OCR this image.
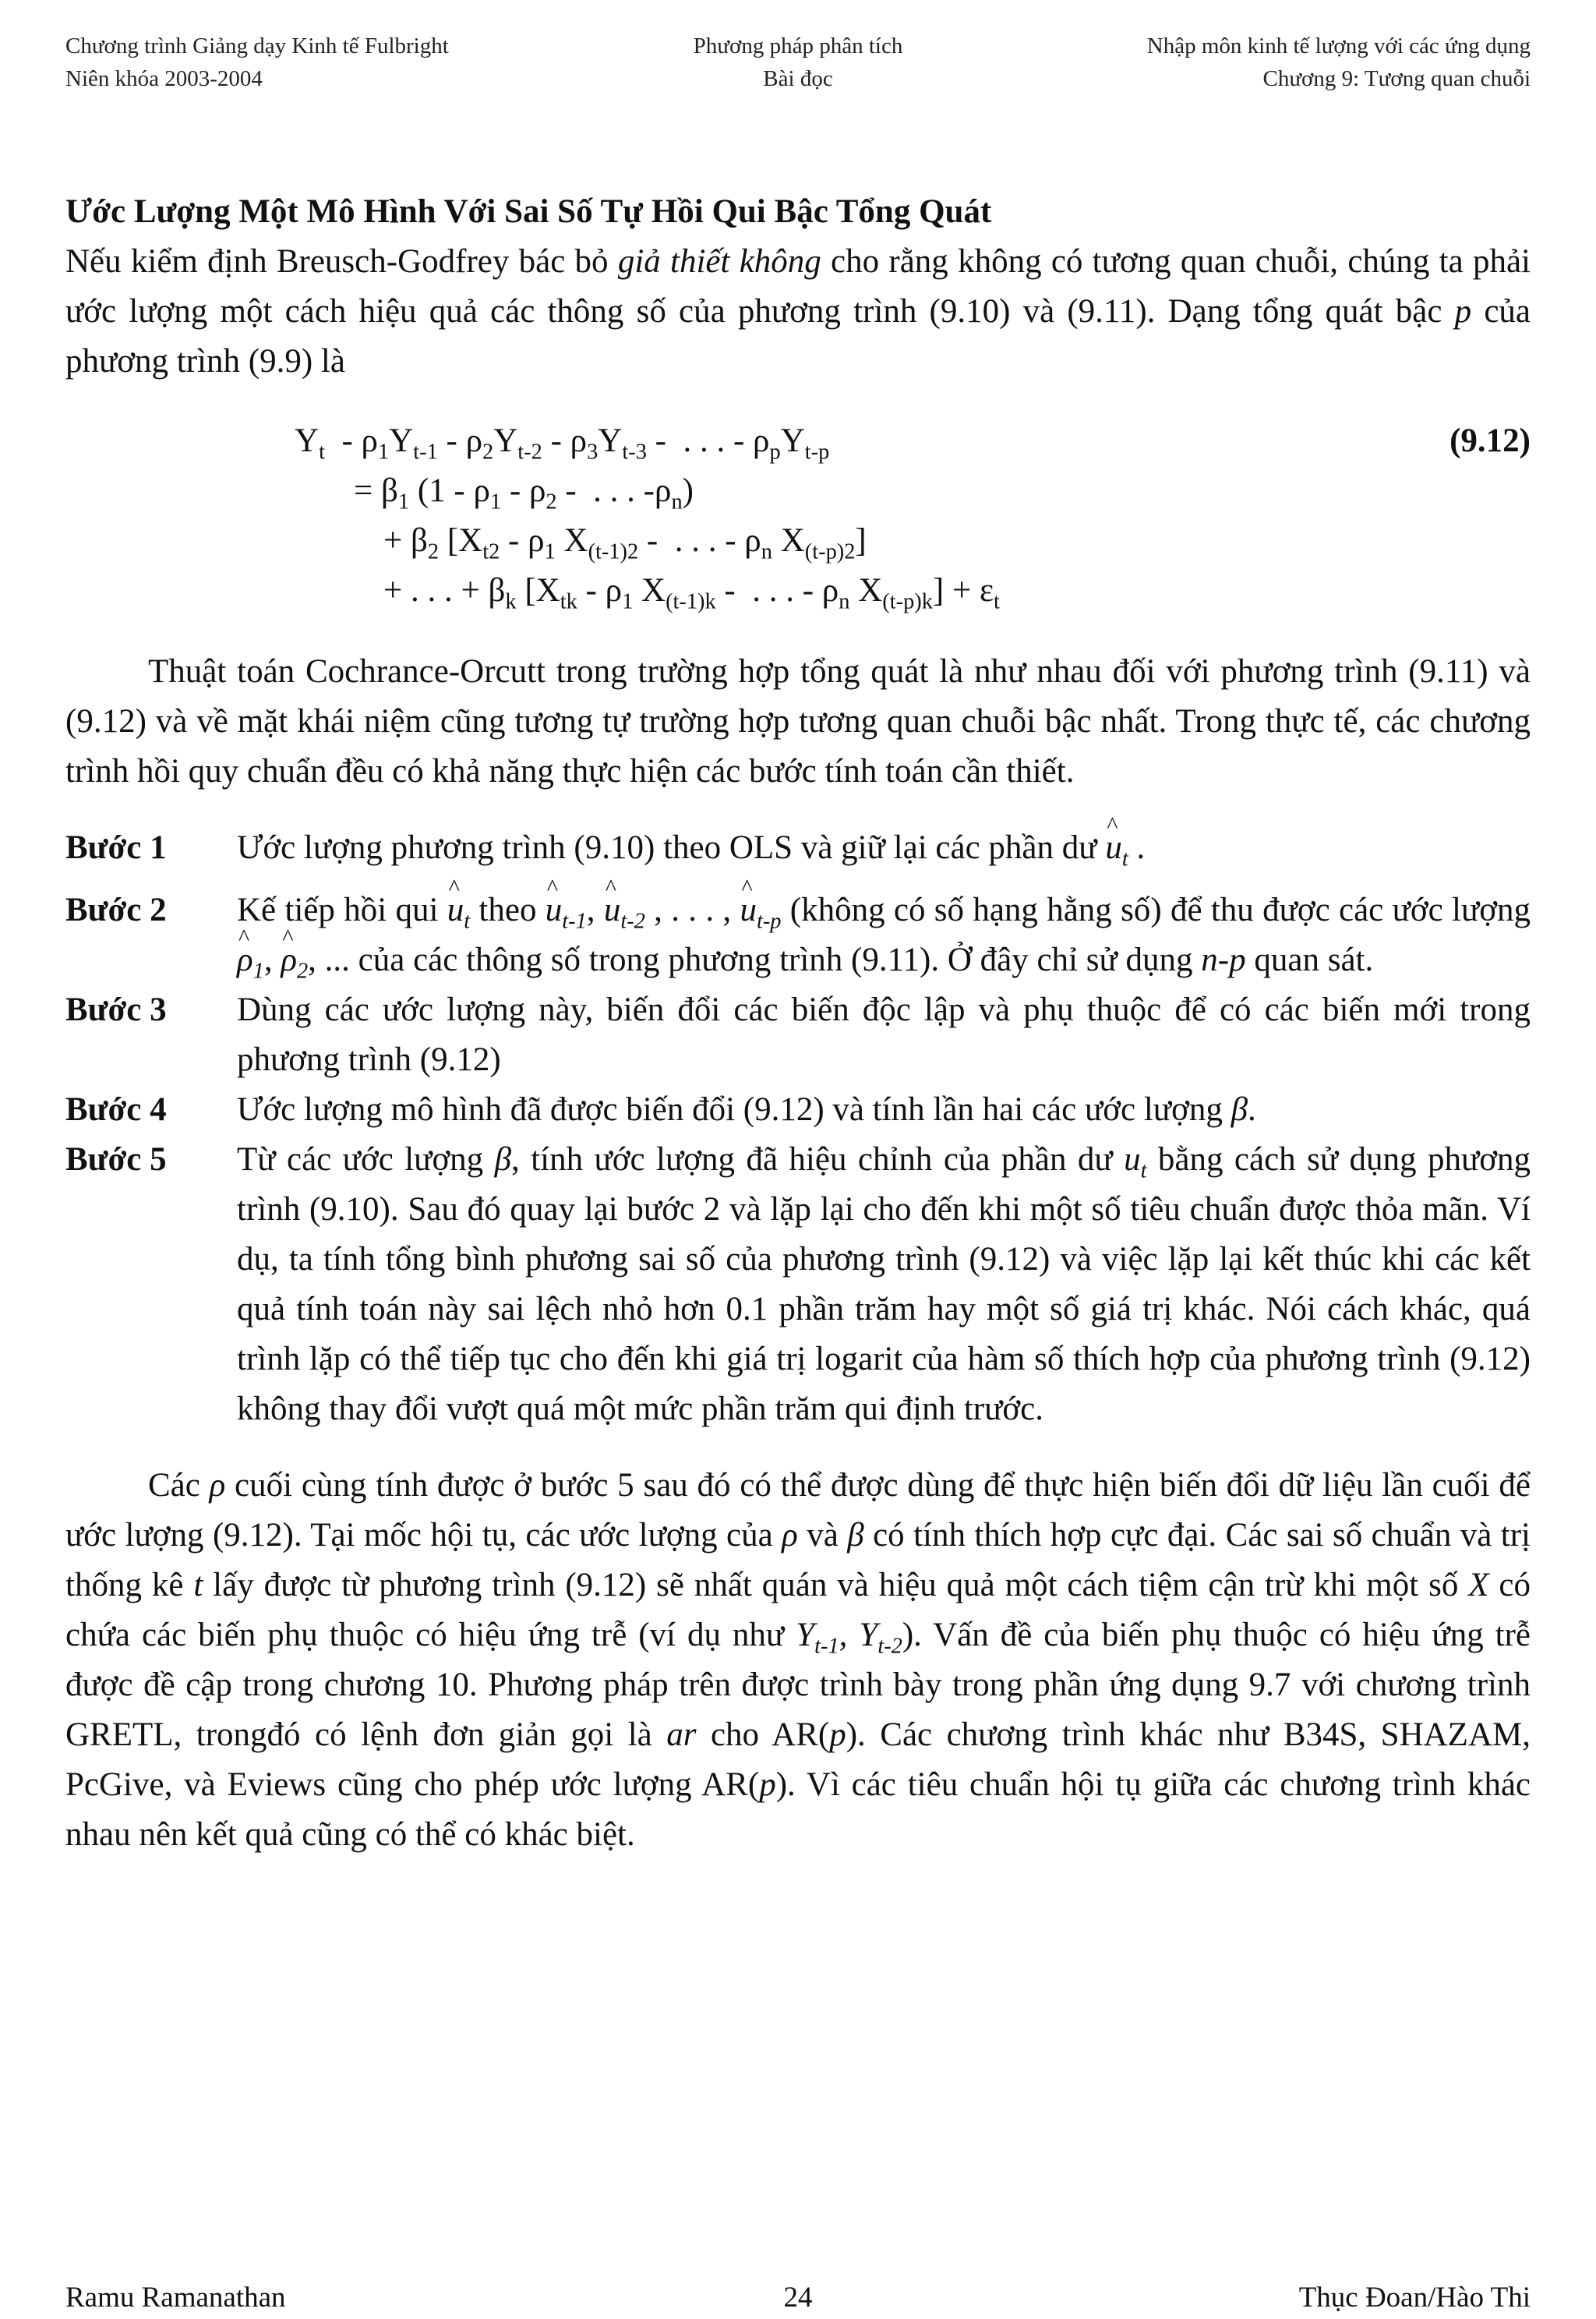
Chương trình Giảng dạy Kinh tế Fulbright	Phương pháp phân tích	Nhập môn kinh tế lượng với các ứng dụng
Niên khóa 2003-2004	Bài đọc	Chương 9: Tương quan chuỗi

Ước Lượng Một Mô Hình Với Sai Số Tự Hồi Qui Bậc Tổng Quát

Nếu kiểm định Breusch-Godfrey bác bỏ giả thiết không cho rằng không có tương quan chuỗi, chúng ta phải ước lượng một cách hiệu quả các thông số của phương trình (9.10) và (9.11). Dạng tổng quát bậc p của phương trình (9.9) là

$Y_t - \rho_1Y_{t-1} - \rho_2Y_{t-2} - \rho_3Y_{t-3}$ -  . . . - $\rho_pY_{t-p}$
= $\beta_1$ ($1 - \rho_1 - \rho_2$ -  . . . $-\rho_n$)
+ $\beta_2$ [$X_{t2} - \rho_1$ $X_{(t-1)2}$ -  . . . - $\rho_n$ $X_{(t-p)2}$]
+ . . . + $\beta_k$ [$X_{tk} - \rho_1$ $X_{(t-1)k}$ -  . . . - $\rho_n$ $X_{(t-p)k}] + \varepsilon_t$
(9.12)

Thuật toán Cochrance-Orcutt trong trường hợp tổng quát là như nhau đối với phương trình (9.11) và (9.12) và về mặt khái niệm cũng tương tự trường hợp tương quan chuỗi bậc nhất. Trong thực tế, các chương trình hồi quy chuẩn đều có khả năng thực hiện các bước tính toán cần thiết.

Bước 1	Ước lượng phương trình (9.10) theo OLS và giữ lại các phần dư ^ $u_t$ .
Bước 2	Kế tiếp hồi qui ^ $u_t$ theo ^ $u_{t-1}$, ^ $u_{t-2}$ , . . . , ^ $u_{t-p}$ (không có số hạng hằng số) để thu được các ước lượng ^ $\rho_1$, ^ $\rho_2$, ... của các thông số trong phương trình (9.11). Ở đây chỉ sử dụng n-p quan sát.
Bước 3	Dùng các ước lượng này, biến đổi các biến độc lập và phụ thuộc để có các biến mới trong phương trình (9.12)
Bước 4	Ước lượng mô hình đã được biến đổi (9.12) và tính lần hai các ước lượng β.
Bước 5	Từ các ước lượng β, tính ước lượng đã hiệu chỉnh của phần dư $u_t$ bằng cách sử dụng phương trình (9.10). Sau đó quay lại bước 2 và lặp lại cho đến khi một số tiêu chuẩn được thỏa mãn. Ví dụ, ta tính tổng bình phương sai số của phương trình (9.12) và việc lặp lại kết thúc khi các kết quả tính toán này sai lệch nhỏ hơn 0.1 phần trăm hay một số giá trị khác. Nói cách khác, quá trình lặp có thể tiếp tục cho đến khi giá trị logarit của hàm số thích hợp của phương trình (9.12) không thay đổi vượt quá một mức phần trăm qui định trước.

Các ρ cuối cùng tính được ở bước 5 sau đó có thể được dùng để thực hiện biến đổi dữ liệu lần cuối để ước lượng (9.12). Tại mốc hội tụ, các ước lượng của ρ và β có tính thích hợp cực đại. Các sai số chuẩn và trị thống kê t lấy được từ phương trình (9.12) sẽ nhất quán và hiệu quả một cách tiệm cận trừ khi một số X có chứa các biến phụ thuộc có hiệu ứng trễ (ví dụ như $Y_{t-1}$, $Y_{t-2}$). Vấn đề của biến phụ thuộc có hiệu ứng trễ được đề cập trong chương 10. Phương pháp trên được trình bày trong phần ứng dụng 9.7 với chương trình GRETL, trongđó có lệnh đơn giản gọi là ar cho AR(p). Các chương trình khác như B34S, SHAZAM, PcGive, và Eviews cũng cho phép ước lượng AR(p). Vì các tiêu chuẩn hội tụ giữa các chương trình khác nhau nên kết quả cũng có thể có khác biệt.

Ramu Ramanathan	24	Thục Đoan/Hào Thi
